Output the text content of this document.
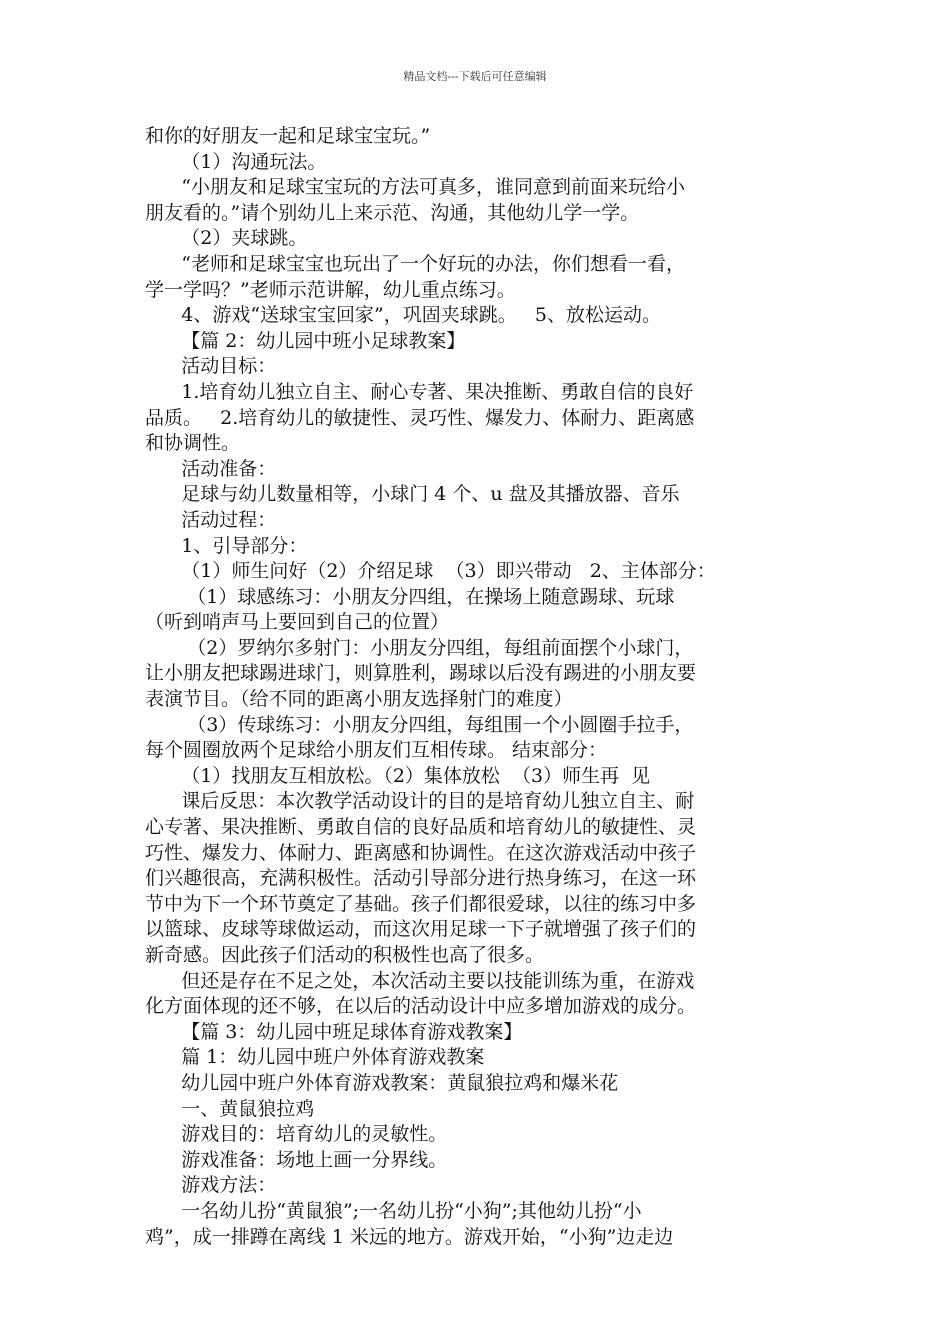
精品文档---下载后可任意编辑
和你的好朋友一起和足球宝宝玩。”
（1）沟通玩法。
“小朋友和足球宝宝玩的方法可真多，谁同意到前面来玩给小
朋友看的。”请个别幼儿上来示范、沟通，其他幼儿学一学。
（2）夹球跳。
“老师和足球宝宝也玩出了一个好玩的办法，你们想看一看，
学一学吗？”老师示范讲解，幼儿重点练习。
4、游戏“送球宝宝回家”，巩固夹球跳。   5、放松运动。
【篇 2：幼儿园中班小足球教案】
活动目标：
1.培育幼儿独立自主、耐心专著、果决推断、勇敢自信的良好
品质。   2.培育幼儿的敏捷性、灵巧性、爆发力、体耐力、距离感
和协调性。
活动准备：
足球与幼儿数量相等，小球门 4 个、u 盘及其播放器、音乐
活动过程：
1、引导部分：
（1）师生问好（2）介绍足球  （3）即兴带动   2、主体部分：
（1）球感练习：小朋友分四组，在操场上随意踢球、玩球
（听到哨声马上要回到自己的位置）
（2）罗纳尔多射门：小朋友分四组，每组前面摆个小球门，
让小朋友把球踢进球门，则算胜利，踢球以后没有踢进的小朋友要
表演节目。（给不同的距离小朋友选择射门的难度）
（3）传球练习：小朋友分四组，每组围一个小圆圈手拉手，
每个圆圈放两个足球给小朋友们互相传球。 结束部分：
（1）找朋友互相放松。（2）集体放松  （3）师生再  见
课后反思：本次教学活动设计的目的是培育幼儿独立自主、耐
心专著、果决推断、勇敢自信的良好品质和培育幼儿的敏捷性、灵
巧性、爆发力、体耐力、距离感和协调性。在这次游戏活动中孩子
们兴趣很高，充满积极性。活动引导部分进行热身练习，在这一环
节中为下一个环节奠定了基础。孩子们都很爱球，以往的练习中多
以篮球、皮球等球做运动，而这次用足球一下子就增强了孩子们的
新奇感。因此孩子们活动的积极性也高了很多。
但还是存在不足之处，本次活动主要以技能训练为重，在游戏
化方面体现的还不够，在以后的活动设计中应多增加游戏的成分。
【篇 3：幼儿园中班足球体育游戏教案】
篇 1：幼儿园中班户外体育游戏教案
幼儿园中班户外体育游戏教案：黄鼠狼拉鸡和爆米花
一、黄鼠狼拉鸡
游戏目的：培育幼儿的灵敏性。
游戏准备：场地上画一分界线。
游戏方法：
一名幼儿扮“黄鼠狼”;一名幼儿扮“小狗”;其他幼儿扮“小
鸡”，成一排蹲在离线 1 米远的地方。游戏开始，“小狗”边走边
